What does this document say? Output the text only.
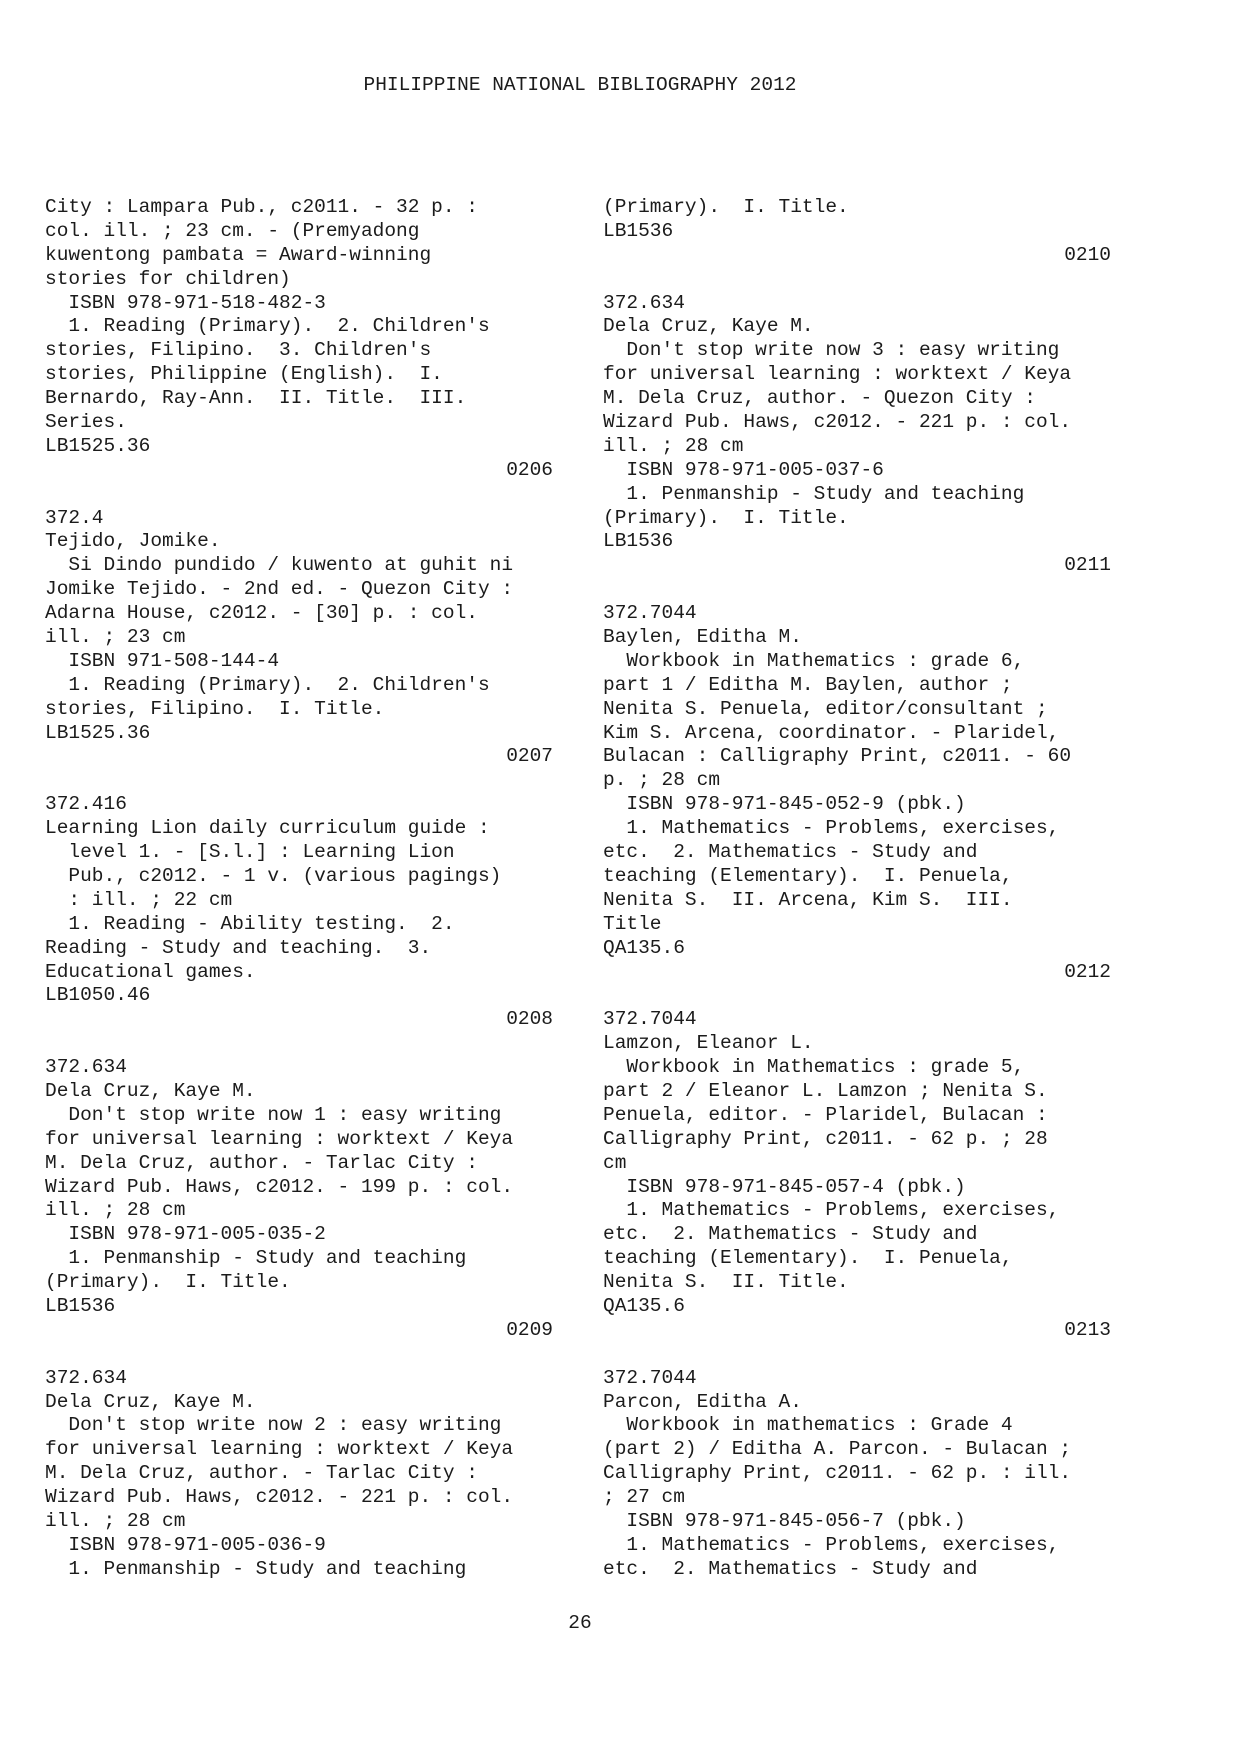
PHILIPPINE NATIONAL BIBLIOGRAPHY 2012
City : Lampara Pub., c2011. - 32 p. :
col. ill. ; 23 cm. - (Premyadong
kuwentong pambata = Award-winning
stories for children)
ISBN 978-971-518-482-3
1. Reading (Primary).  2. Children's
stories, Filipino.  3. Children's
stories, Philippine (English).  I.
Bernardo, Ray-Ann.  II. Title.  III.
Series.
LB1525.36
0206
372.4
Tejido, Jomike.
Si Dindo pundido / kuwento at guhit ni
Jomike Tejido. - 2nd ed. - Quezon City :
Adarna House, c2012. - [30] p. : col.
ill. ; 23 cm
ISBN 971-508-144-4
1. Reading (Primary).  2. Children's
stories, Filipino.  I. Title.
LB1525.36
0207
372.416
Learning Lion daily curriculum guide :
level 1. - [S.l.] : Learning Lion
Pub., c2012. - 1 v. (various pagings)
: ill. ; 22 cm
1. Reading - Ability testing.  2.
Reading - Study and teaching.  3.
Educational games.
LB1050.46
0208
372.634
Dela Cruz, Kaye M.
Don't stop write now 1 : easy writing
for universal learning : worktext / Keya
M. Dela Cruz, author. - Tarlac City :
Wizard Pub. Haws, c2012. - 199 p. : col.
ill. ; 28 cm
ISBN 978-971-005-035-2
1. Penmanship - Study and teaching
(Primary).  I. Title.
LB1536
0209
372.634
Dela Cruz, Kaye M.
Don't stop write now 2 : easy writing
for universal learning : worktext / Keya
M. Dela Cruz, author. - Tarlac City :
Wizard Pub. Haws, c2012. - 221 p. : col.
ill. ; 28 cm
ISBN 978-971-005-036-9
1. Penmanship - Study and teaching
(Primary).  I. Title.
LB1536
0210
372.634
Dela Cruz, Kaye M.
Don't stop write now 3 : easy writing
for universal learning : worktext / Keya
M. Dela Cruz, author. - Quezon City :
Wizard Pub. Haws, c2012. - 221 p. : col.
ill. ; 28 cm
ISBN 978-971-005-037-6
1. Penmanship - Study and teaching
(Primary).  I. Title.
LB1536
0211
372.7044
Baylen, Editha M.
Workbook in Mathematics : grade 6,
part 1 / Editha M. Baylen, author ;
Nenita S. Penuela, editor/consultant ;
Kim S. Arcena, coordinator. - Plaridel,
Bulacan : Calligraphy Print, c2011. - 60
p. ; 28 cm
ISBN 978-971-845-052-9 (pbk.)
1. Mathematics - Problems, exercises,
etc.  2. Mathematics - Study and
teaching (Elementary).  I. Penuela,
Nenita S.  II. Arcena, Kim S.  III.
Title
QA135.6
0212
372.7044
Lamzon, Eleanor L.
Workbook in Mathematics : grade 5,
part 2 / Eleanor L. Lamzon ; Nenita S.
Penuela, editor. - Plaridel, Bulacan :
Calligraphy Print, c2011. - 62 p. ; 28
cm
ISBN 978-971-845-057-4 (pbk.)
1. Mathematics - Problems, exercises,
etc.  2. Mathematics - Study and
teaching (Elementary).  I. Penuela,
Nenita S.  II. Title.
QA135.6
0213
372.7044
Parcon, Editha A.
Workbook in mathematics : Grade 4
(part 2) / Editha A. Parcon. - Bulacan ;
Calligraphy Print, c2011. - 62 p. : ill.
; 27 cm
ISBN 978-971-845-056-7 (pbk.)
1. Mathematics - Problems, exercises,
etc.  2. Mathematics - Study and
26
